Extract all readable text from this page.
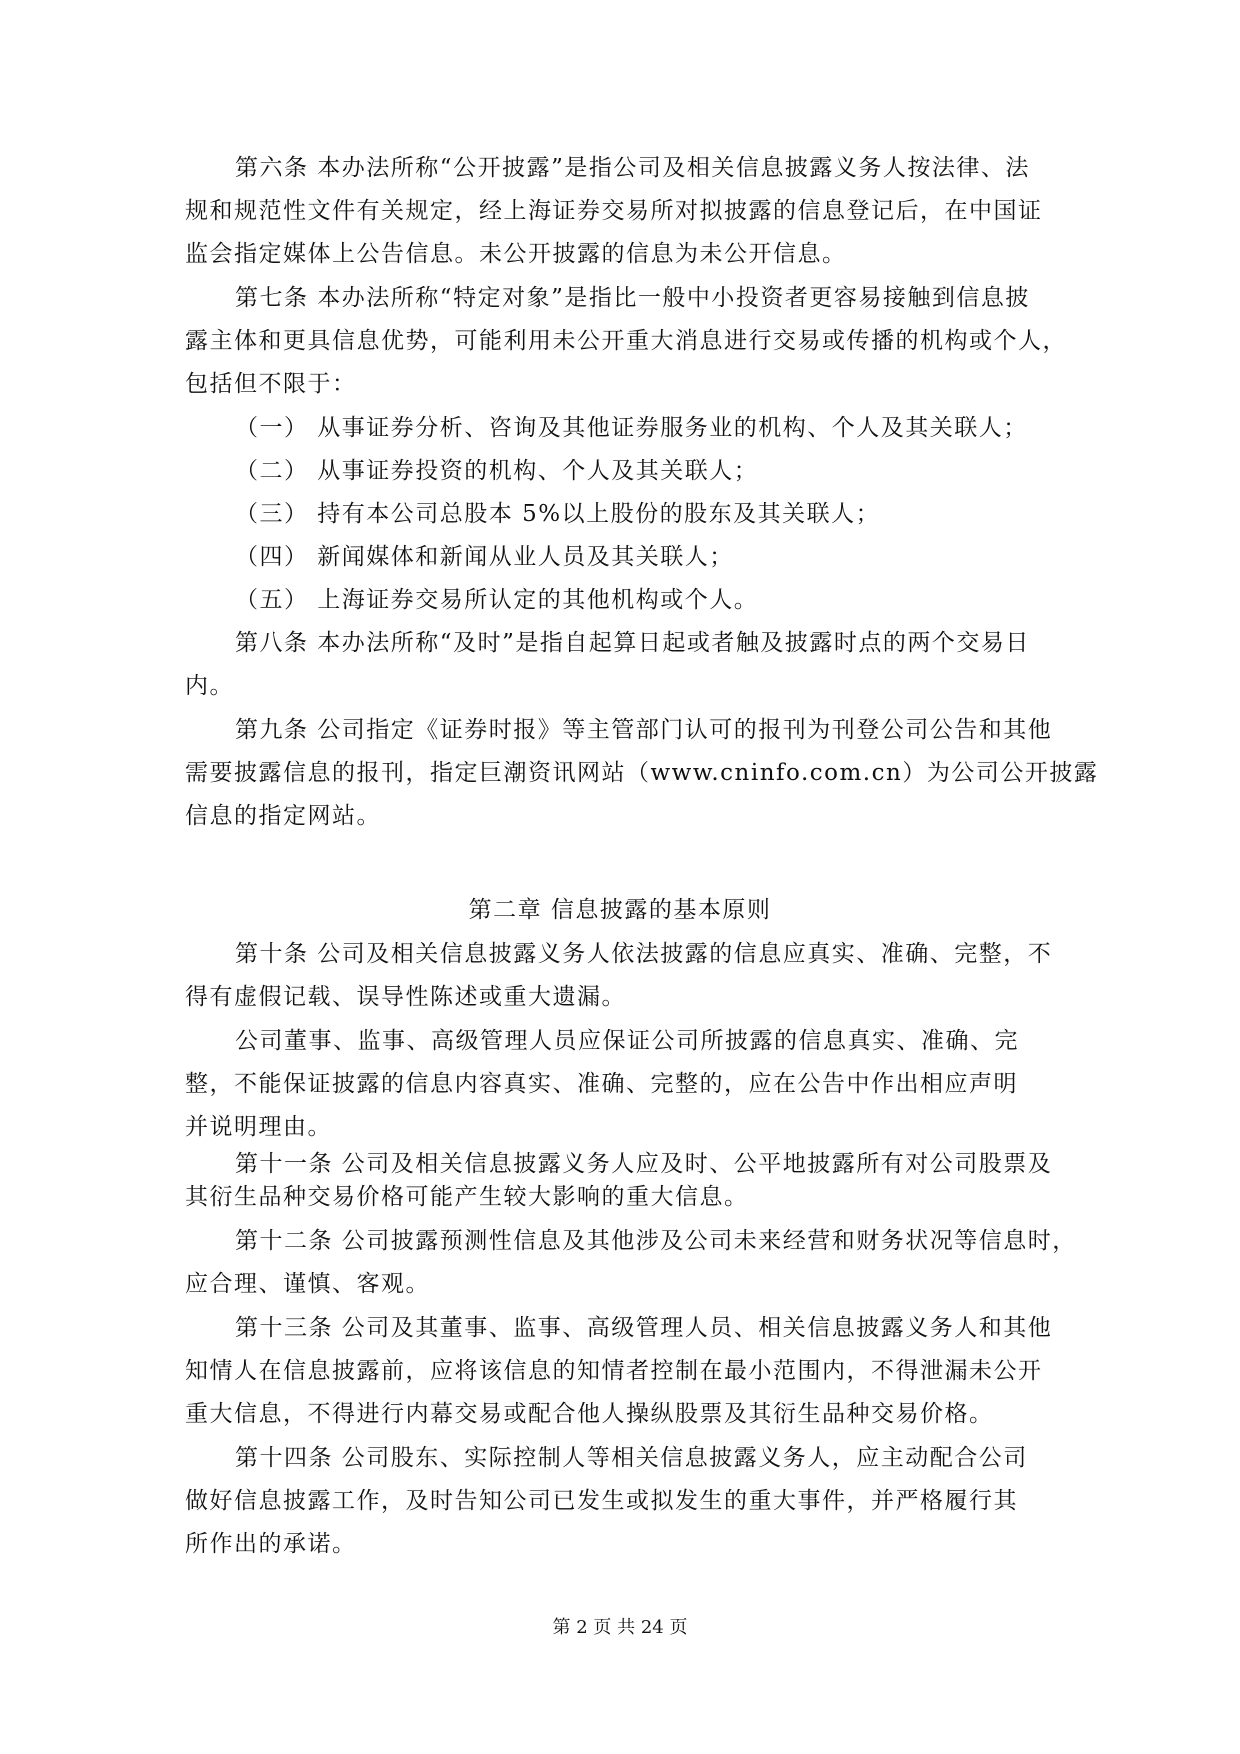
第六条 本办法所称“公开披露”是指公司及相关信息披露义务人按法律、法
规和规范性文件有关规定，经上海证券交易所对拟披露的信息登记后，在中国证
监会指定媒体上公告信息。未公开披露的信息为未公开信息。
第七条 本办法所称“特定对象”是指比一般中小投资者更容易接触到信息披
露主体和更具信息优势，可能利用未公开重大消息进行交易或传播的机构或个人，
包括但不限于：
（一） 从事证券分析、咨询及其他证券服务业的机构、个人及其关联人；
（二） 从事证券投资的机构、个人及其关联人；
（三） 持有本公司总股本 5%以上股份的股东及其关联人；
（四） 新闻媒体和新闻从业人员及其关联人；
（五） 上海证券交易所认定的其他机构或个人。
第八条 本办法所称“及时”是指自起算日起或者触及披露时点的两个交易日
内。
第九条 公司指定《证券时报》等主管部门认可的报刊为刊登公司公告和其他
需要披露信息的报刊，指定巨潮资讯网站（www.cninfo.com.cn）为公司公开披露
信息的指定网站。
第二章 信息披露的基本原则
第十条 公司及相关信息披露义务人依法披露的信息应真实、准确、完整，不
得有虚假记载、误导性陈述或重大遗漏。
公司董事、监事、高级管理人员应保证公司所披露的信息真实、准确、完
整，不能保证披露的信息内容真实、准确、完整的，应在公告中作出相应声明
并说明理由。
第十一条 公司及相关信息披露义务人应及时、公平地披露所有对公司股票及
其衍生品种交易价格可能产生较大影响的重大信息。
第十二条 公司披露预测性信息及其他涉及公司未来经营和财务状况等信息时，
应合理、谨慎、客观。
第十三条 公司及其董事、监事、高级管理人员、相关信息披露义务人和其他
知情人在信息披露前，应将该信息的知情者控制在最小范围内，不得泄漏未公开
重大信息，不得进行内幕交易或配合他人操纵股票及其衍生品种交易价格。
第十四条 公司股东、实际控制人等相关信息披露义务人，应主动配合公司
做好信息披露工作，及时告知公司已发生或拟发生的重大事件，并严格履行其
所作出的承诺。
第 2 页 共 24 页
